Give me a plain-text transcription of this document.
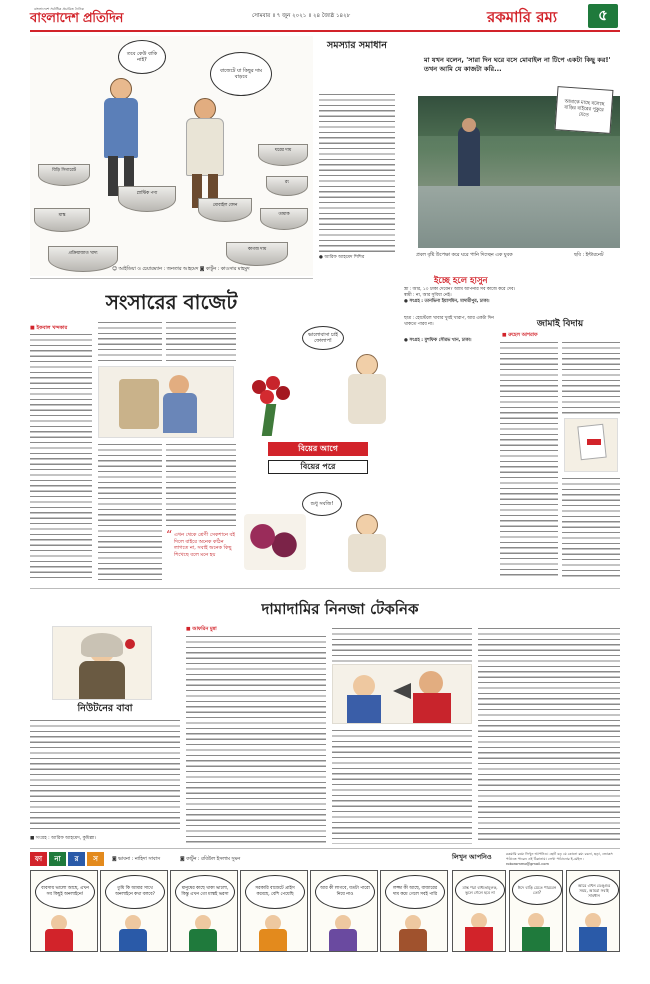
বাংলাদেশে সর্বাধিক প্রচারিত দৈনিক
বাংলাদেশ প্রতিদিন	সোমবার ॥ ৭ জুন ২০২১ ॥ ২৪ জ্যৈষ্ঠ ১৪২৮	রকমারি রম্য	৫
তবে কেউ বাকি নাই?
বাজেটে যা কিছুর দাম বাড়বে
বিড়ি সিগারেট
মাস্ক
প্লাস্টিক পণ্য
মোবাইল ফোন
ঘরের দাম
রং
তামাক
প্রক্রিয়াজাত খাদ্য
কাগজ দাম
☺ আইডিয়া ও চেয়ারম্যান : জনতার আহমেদ ◙ কার্টুন : কাওসার মাহমুদ
সমস্যার সমাধান
● আরিফ আহমেদ শিশির
মা যখন বলেন, 'সারা দিন ঘরে বসে মোবাইল না টিপে একটা কিছু কর!' তখন আমি যে কাজটা করি...
আমাকে মাছে বলেছে বাড়ির বাইরের পুকুরে যেতে
প্রবল বৃষ্টি উপেক্ষা করে ঘরে পানি দিচ্ছেন এক যুবক	ছবি : ইন্টারনেট
সংসারের বাজেট
■ ইকবাল খন্দকার
“ এখন থেকে শ্রেণী সেকশানে বই দিলে বাইরে অনেক কঠিন লাগতে না, সবাই অনেক কিছু শিখেছে বলে মনে হয়
ভালোবাসা চাই ফোলাপ!
বিয়ের আগে
বিয়ের পরে
শুধু সবজি!
ইচ্ছে হলে হাসুন
স্ত্রী : আর, ১০ টাকা দেবেন? আমি আপনার সব কাজে করে দেব।
স্বামী : না, আর সুবিধা নেই।
● সংগ্রহ : তানভিনা ইয়াসমিন, মাদারীপুর, ঢাকা।
ছাত্র : হোস্টেলে খাবার খুবই খারাপ, আর একটা দিন থাকতে পারব না।
● সংগ্রহ : মুশফিক সৌরভ খান, ঢাকা।
জামাই বিদায়
■ রুহেল আশরাফ
দামাদামির নিনজা টেকনিক
নিউটনের বাবা
■ সংগ্রহ : আরিফ আহমেদ, কুমিল্লা।
■ আফরিন মুন্না
ফা	না	র	স	◙ ভাবনা : নাহিদা সাবাস	◙ কার্টুন : রবিউল ইসলাম সুমন
ব্যবসায় ভালো আছে, এখন সব কিছুই অনলাইনে!
তুমি কি আমার সাথে অনলাইনে কথা বলবে?
মানুষের কাছে থাকা ভালো, কিন্তু এখন তো মাস্কই ভরসা
সরকারি বাজেটে প্রাইস কমেছে, বেশি পেয়েছি
আর কী লাগবে, যতটা পারো নিয়ে নাও
লজ্জা কী আছে, বাজারের দাম কমে গেলে সবই পারি
লিখুন আপনিও	রকমারি রম্যে লিখুন আপনিও। ছোট বড় যে কোনো রম্য রচনা, ছড়া, জোকস পাঠাতে পারেন এই ঠিকানায়। লেখা পাঠানোর ই-মেইল : rokorommo@gmail.com
মাস্ক পরা বাধ্যতামূলক, ভুলে গেলে হবে না
ঈদে বাড়ি যেতে পারবেন তো?
আরে এখন ডেঙ্গুর সময়, আমরা সবাই সাবধান
